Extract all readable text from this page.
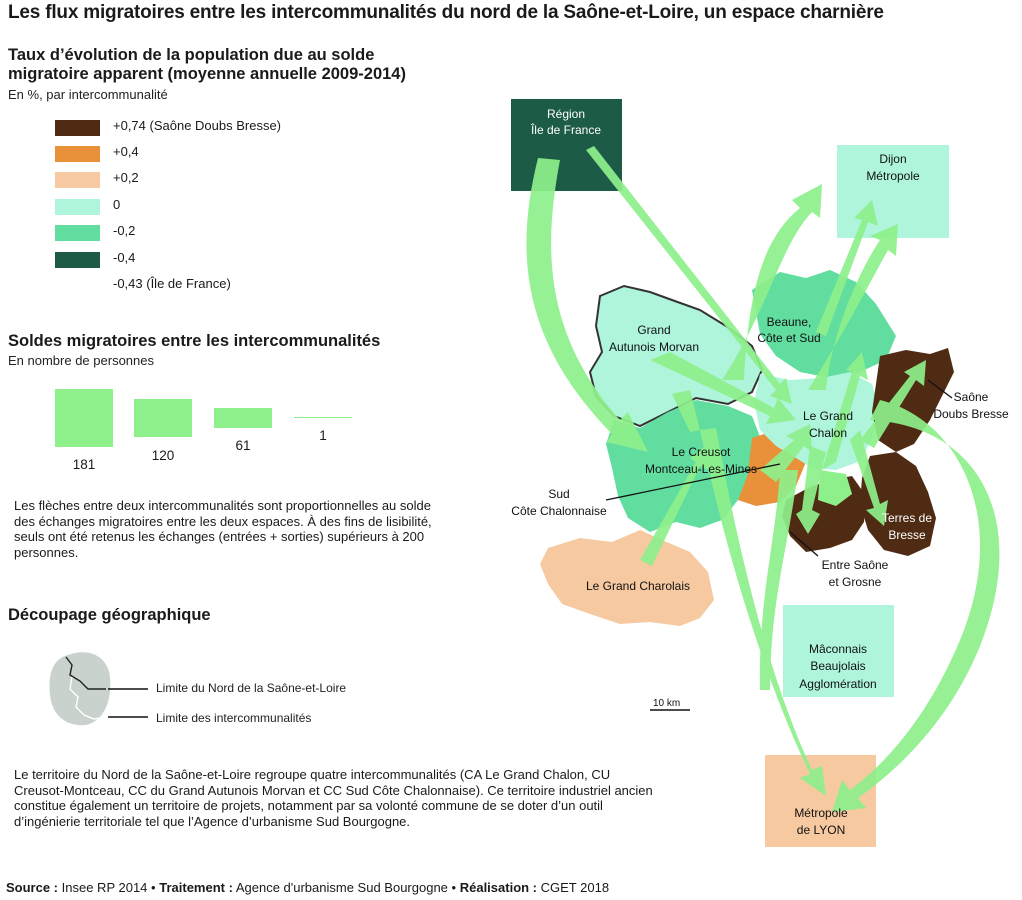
Les flux migratoires entre les intercommunalités du nord de la Saône-et-Loire, un espace charnière
Taux d’évolution de la population due au solde migratoire apparent (moyenne annuelle 2009-2014)
En %, par intercommunalité
+0,74 (Saône Doubs Bresse)
+0,4
+0,2
0
-0,2
-0,4
-0,43 (Île de France)
Soldes migratoires entre les intercommunalités
En nombre de personnes
181
120
61
1
Les flèches entre deux intercommunalités sont proportionnelles au solde des échanges migratoires entre les deux espaces. À des fins de lisibilité, seuls ont été retenus les échanges (entrées + sorties) supérieurs à 200 personnes.
Découpage géographique
Limite du Nord de la Saône-et-Loire
Limite des intercommunalités
Le territoire du Nord de la Saône-et-Loire regroupe quatre intercommunalités (CA Le Grand Chalon, CU Creusot-Montceau, CC du Grand Autunois Morvan et CC Sud Côte Chalonnaise). Ce territoire industriel ancien constitue également un territoire de projets, notamment par sa volonté commune de se doter d’un outil d’ingénierie territoriale tel que l’Agence d’urbanisme Sud Bourgogne.
Source : Insee RP 2014 • Traitement : Agence d'urbanisme Sud Bourgogne • Réalisation : CGET 2018
10 km
Région
Île de France
Dijon
Métropole
Beaune,
Côte et Sud
Grand
Autunois Morvan
Le Grand
Chalon
Le Creusot
Montceau-Les-Mines
Saône
Doubs Bresse
Terres de
Bresse
Sud
Côte Chalonnaise
Entre Saône
et Grosne
Le Grand Charolais
Mâconnais
Beaujolais
Agglomération
Métropole
de LYON
